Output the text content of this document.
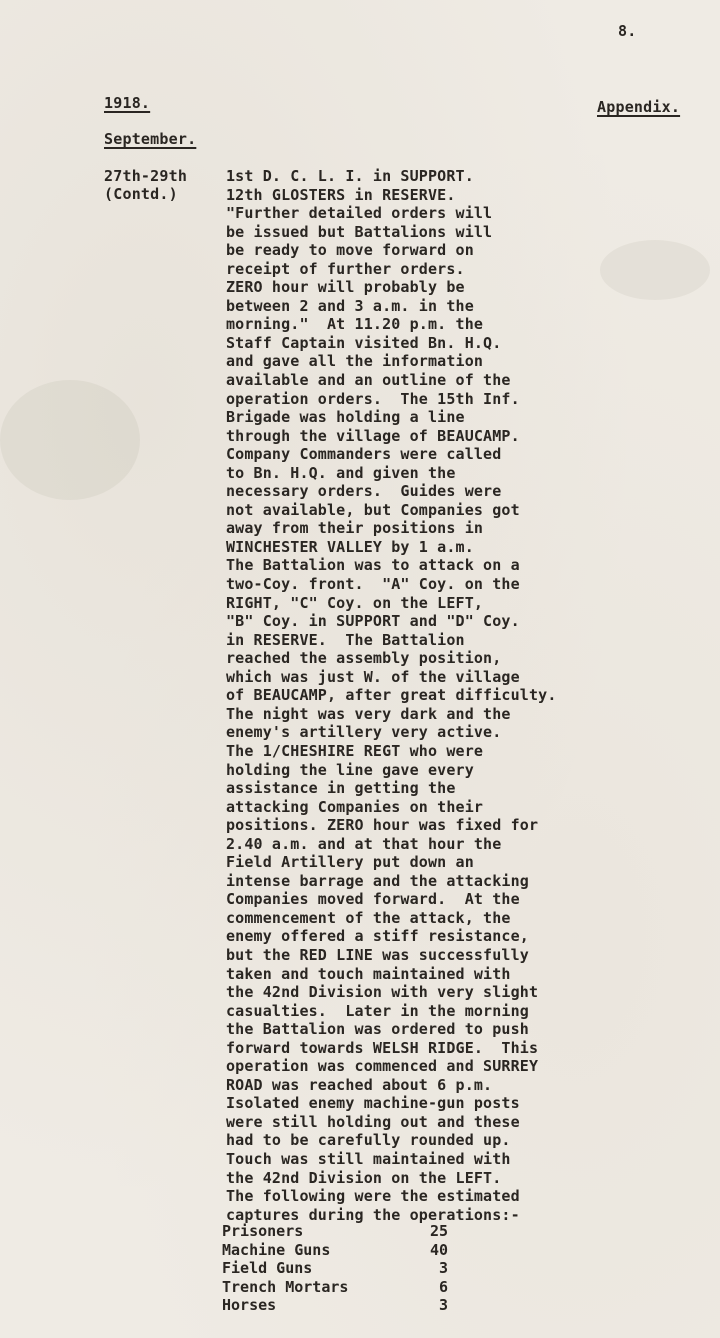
8.
1918.	Appendix.
September.
27th-29th
(Contd.)
1st D. C. L. I. in SUPPORT.
12th GLOSTERS in RESERVE.
"Further detailed orders will
be issued but Battalions will
be ready to move forward on
receipt of further orders.
ZERO hour will probably be
between 2 and 3 a.m. in the
morning."  At 11.20 p.m. the
Staff Captain visited Bn. H.Q.
and gave all the information
available and an outline of the
operation orders.  The 15th Inf.
Brigade was holding a line
through the village of BEAUCAMP.
Company Commanders were called
to Bn. H.Q. and given the
necessary orders.  Guides were
not available, but Companies got
away from their positions in
WINCHESTER VALLEY by 1 a.m.
The Battalion was to attack on a
two-Coy. front.  "A" Coy. on the
RIGHT, "C" Coy. on the LEFT,
"B" Coy. in SUPPORT and "D" Coy.
in RESERVE.  The Battalion
reached the assembly position,
which was just W. of the village
of BEAUCAMP, after great difficulty.
The night was very dark and the
enemy's artillery very active.
The 1/CHESHIRE REGT who were
holding the line gave every
assistance in getting the
attacking Companies on their
positions. ZERO hour was fixed for
2.40 a.m. and at that hour the
Field Artillery put down an
intense barrage and the attacking
Companies moved forward.  At the
commencement of the attack, the
enemy offered a stiff resistance,
but the RED LINE was successfully
taken and touch maintained with
the 42nd Division with very slight
casualties.  Later in the morning
the Battalion was ordered to push
forward towards WELSH RIDGE.  This
operation was commenced and SURREY
ROAD was reached about 6 p.m.
Isolated enemy machine-gun posts
were still holding out and these
had to be carefully rounded up.
Touch was still maintained with
the 42nd Division on the LEFT.
The following were the estimated
captures during the operations:-
Prisoners	25
Machine Guns	40
Field Guns	3
Trench Mortars	6
Horses	3
